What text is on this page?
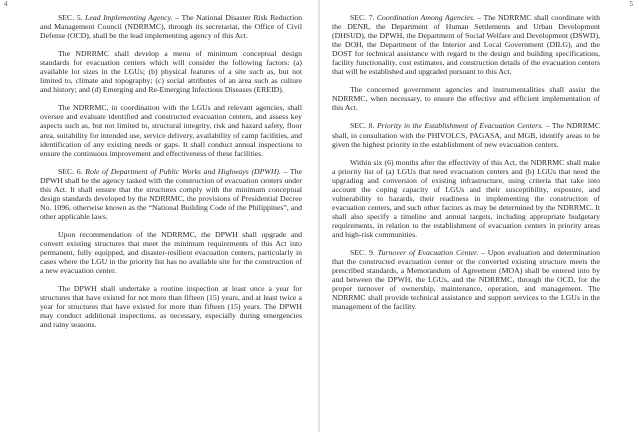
4

SEC. 5. Lead Implementing Agency. – The National Disaster Risk Reduction and Management Council (NDRRMC), through its secretariat, the Office of Civil Defense (OCD), shall be the lead implementing agency of this Act.

The NDRRMC shall develop a menu of minimum conceptual design standards for evacuation centers which will consider the following factors: (a) available lot sizes in the LGUs; (b) physical features of a site such as, but not limited to, climate and topography; (c) social attributes of an area such as culture and history; and (d) Emerging and Re-Emerging Infectious Diseases (EREID).

The NDRRMC, in coordination with the LGUs and relevant agencies, shall oversee and evaluate identified and constructed evacuation centers, and assess key aspects such as, but not limited to, structural integrity, risk and hazard safety, floor area, suitability for intended use, service delivery, availability of camp facilities, and identification of any existing needs or gaps. It shall conduct annual inspections to ensure the continuous improvement and effectiveness of these facilities.

SEC. 6. Role of Department of Public Works and Highways (DPWH). – The DPWH shall be the agency tasked with the construction of evacuation centers under this Act. It shall ensure that the structures comply with the minimum conceptual design standards developed by the NDRRMC, the provisions of Presidential Decree No. 1096, otherwise known as the “National Building Code of the Philippines”, and other applicable laws.

Upon recommendation of the NDRRMC, the DPWH shall upgrade and convert existing structures that meet the minimum requirements of this Act into permanent, fully equipped, and disaster-resilient evacuation centers, particularly in cases where the LGU in the priority list has no available site for the construction of a new evacuation center.

The DPWH shall undertake a routine inspection at least once a year for structures that have existed for not more than fifteen (15) years, and at least twice a year for structures that have existed for more than fifteen (15) years. The DPWH may conduct additional inspections, as necessary, especially during emergencies and rainy seasons.

5

SEC. 7. Coordination Among Agencies. – The NDRRMC shall coordinate with the DENR, the Department of Human Settlements and Urban Development (DHSUD), the DPWH, the Department of Social Welfare and Development (DSWD), the DOH, the Department of the Interior and Local Government (DILG), and the DOST for technical assistance with regard to the design and building specifications, facility functionality, cost estimates, and construction details of the evacuation centers that will be established and upgraded pursuant to this Act.

The concerned government agencies and instrumentalities shall assist the NDRRMC, when necessary, to ensure the effective and efficient implementation of this Act.

SEC. 8. Priority in the Establishment of Evacuation Centers. – The NDRRMC shall, in consultation with the PHIVOLCS, PAGASA, and MGB, identify areas to be given the highest priority in the establishment of new evacuation centers.

Within six (6) months after the effectivity of this Act, the NDRRMC shall make a priority list of (a) LGUs that need evacuation centers and (b) LGUs that need the upgrading and conversion of existing infrastructure, using criteria that take into account the coping capacity of LGUs and their susceptibility, exposure, and vulnerability to hazards, their readiness in implementing the construction of evacuation centers, and such other factors as may be determined by the NDRRMC. It shall also specify a timeline and annual targets, including appropriate budgetary requirements, in relation to the establishment of evacuation centers in priority areas and high-risk communities.

SEC. 9. Turnover of Evacuation Center. – Upon evaluation and determination that the constructed evacuation center or the converted existing structure meets the prescribed standards, a Memorandum of Agreement (MOA) shall be entered into by and between the DPWH, the LGUs, and the NDRRMC, through the OCD, for the proper turnover of ownership, maintenance, operation, and management. The NDRRMC shall provide technical assistance and support services to the LGUs in the management of the facility.
